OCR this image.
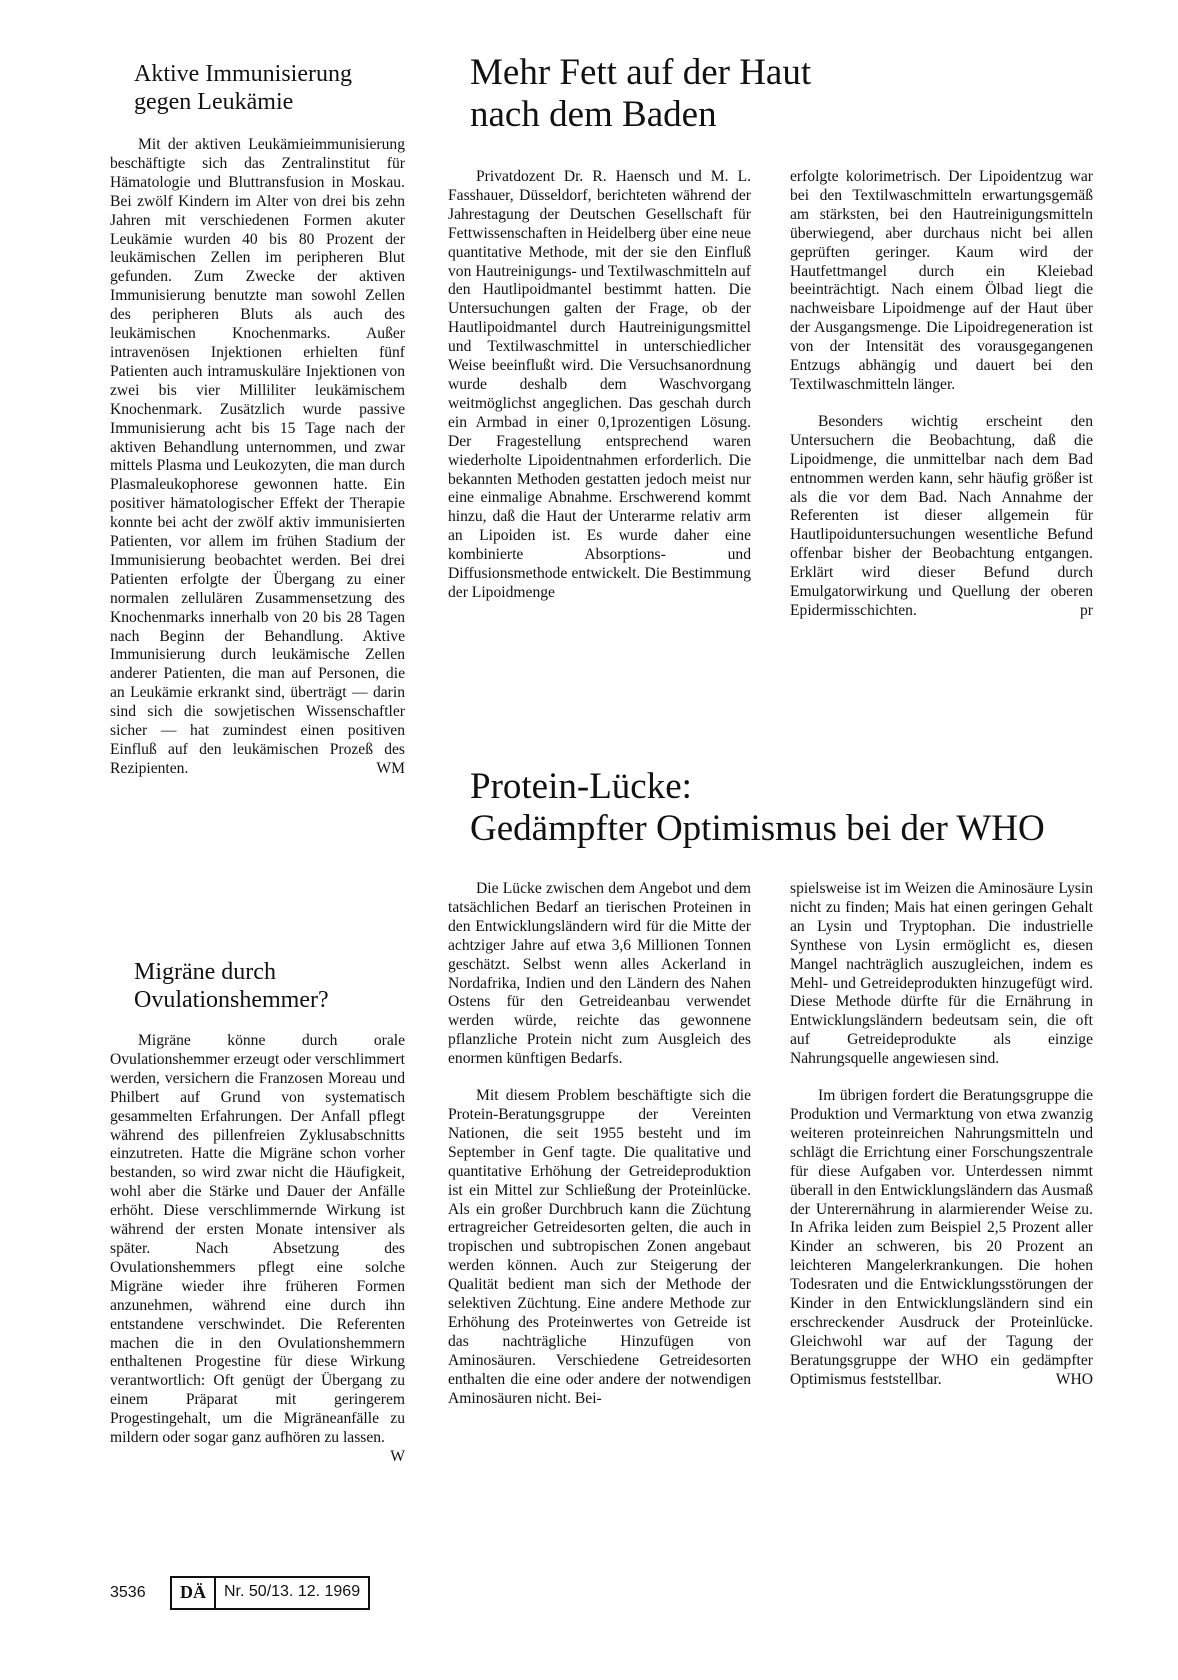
Aktive Immunisierung
gegen Leukämie

Mit der aktiven Leukämieimmunisierung beschäftigte sich das Zentralinstitut für Hämatologie und Bluttransfusion in Moskau. Bei zwölf Kindern im Alter von drei bis zehn Jahren mit verschiedenen Formen akuter Leukämie wurden 40 bis 80 Prozent der leukämischen Zellen im peripheren Blut gefunden. Zum Zwecke der aktiven Immunisierung benutzte man sowohl Zellen des peripheren Bluts als auch des leukämischen Knochenmarks. Außer intravenösen Injektionen erhielten fünf Patienten auch intramuskuläre Injektionen von zwei bis vier Milliliter leukämischem Knochenmark. Zusätzlich wurde passive Immunisierung acht bis 15 Tage nach der aktiven Behandlung unternommen, und zwar mittels Plasma und Leukozyten, die man durch Plasmaleukophorese gewonnen hatte. Ein positiver hämatologischer Effekt der Therapie konnte bei acht der zwölf aktiv immunisierten Patienten, vor allem im frühen Stadium der Immunisierung beobachtet werden. Bei drei Patienten erfolgte der Übergang zu einer normalen zellulären Zusammensetzung des Knochenmarks innerhalb von 20 bis 28 Tagen nach Beginn der Behandlung. Aktive Immunisierung durch leukämische Zellen anderer Patienten, die man auf Personen, die an Leukämie erkrankt sind, überträgt — darin sind sich die sowjetischen Wissenschaftler sicher — hat zumindest einen positiven Einfluß auf den leukämischen Prozeß des Rezipienten.	WM

Migräne durch
Ovulationshemmer?

Migräne könne durch orale Ovulationshemmer erzeugt oder verschlimmert werden, versichern die Franzosen Moreau und Philbert auf Grund von systematisch gesammelten Erfahrungen. Der Anfall pflegt während des pillenfreien Zyklusabschnitts einzutreten. Hatte die Migräne schon vorher bestanden, so wird zwar nicht die Häufigkeit, wohl aber die Stärke und Dauer der Anfälle erhöht. Diese verschlimmernde Wirkung ist während der ersten Monate intensiver als später. Nach Absetzung des Ovulationshemmers pflegt eine solche Migräne wieder ihre früheren Formen anzunehmen, während eine durch ihn entstandene verschwindet. Die Referenten machen die in den Ovulationshemmern enthaltenen Progestine für diese Wirkung verantwortlich: Oft genügt der Übergang zu einem Präparat mit geringerem Progestingehalt, um die Migräneanfälle zu mildern oder sogar ganz aufhören zu lassen.
W

Mehr Fett auf der Haut
nach dem Baden

Privatdozent Dr. R. Haensch und M. L. Fasshauer, Düsseldorf, berichteten während der Jahrestagung der Deutschen Gesellschaft für Fettwissenschaften in Heidelberg über eine neue quantitative Methode, mit der sie den Einfluß von Hautreinigungs- und Textilwaschmitteln auf den Hautlipoidmantel bestimmt hatten. Die Untersuchungen galten der Frage, ob der Hautlipoidmantel durch Hautreinigungsmittel und Textilwaschmittel in unterschiedlicher Weise beeinflußt wird. Die Versuchsanordnung wurde deshalb dem Waschvorgang weitmöglichst angeglichen. Das geschah durch ein Armbad in einer 0,1prozentigen Lösung. Der Fragestellung entsprechend waren wiederholte Lipoidentnahmen erforderlich. Die bekannten Methoden gestatten jedoch meist nur eine einmalige Abnahme. Erschwerend kommt hinzu, daß die Haut der Unterarme relativ arm an Lipoiden ist. Es wurde daher eine kombinierte Absorptions- und Diffusionsmethode entwickelt. Die Bestimmung der Lipoidmenge

erfolgte kolorimetrisch. Der Lipoidentzug war bei den Textilwaschmitteln erwartungsgemäß am stärksten, bei den Hautreinigungsmitteln überwiegend, aber durchaus nicht bei allen geprüften geringer. Kaum wird der Hautfettmangel durch ein Kleiebad beeinträchtigt. Nach einem Ölbad liegt die nachweisbare Lipoidmenge auf der Haut über der Ausgangsmenge. Die Lipoidregeneration ist von der Intensität des vorausgegangenen Entzugs abhängig und dauert bei den Textilwaschmitteln länger.

Besonders wichtig erscheint den Untersuchern die Beobachtung, daß die Lipoidmenge, die unmittelbar nach dem Bad entnommen werden kann, sehr häufig größer ist als die vor dem Bad. Nach Annahme der Referenten ist dieser allgemein für Hautlipoiduntersuchungen wesentliche Befund offenbar bisher der Beobachtung entgangen. Erklärt wird dieser Befund durch Emulgatorwirkung und Quellung der oberen Epidermisschichten.	pr

Protein-Lücke:
Gedämpfter Optimismus bei der WHO

Die Lücke zwischen dem Angebot und dem tatsächlichen Bedarf an tierischen Proteinen in den Entwicklungsländern wird für die Mitte der achtziger Jahre auf etwa 3,6 Millionen Tonnen geschätzt. Selbst wenn alles Ackerland in Nordafrika, Indien und den Ländern des Nahen Ostens für den Getreideanbau verwendet werden würde, reichte das gewonnene pflanzliche Protein nicht zum Ausgleich des enormen künftigen Bedarfs.

Mit diesem Problem beschäftigte sich die Protein-Beratungsgruppe der Vereinten Nationen, die seit 1955 besteht und im September in Genf tagte. Die qualitative und quantitative Erhöhung der Getreideproduktion ist ein Mittel zur Schließung der Proteinlücke. Als ein großer Durchbruch kann die Züchtung ertragreicher Getreidesorten gelten, die auch in tropischen und subtropischen Zonen angebaut werden können. Auch zur Steigerung der Qualität bedient man sich der Methode der selektiven Züchtung. Eine andere Methode zur Erhöhung des Proteinwertes von Getreide ist das nachträgliche Hinzufügen von Aminosäuren. Verschiedene Getreidesorten enthalten die eine oder andere der notwendigen Aminosäuren nicht. Bei-

spielsweise ist im Weizen die Aminosäure Lysin nicht zu finden; Mais hat einen geringen Gehalt an Lysin und Tryptophan. Die industrielle Synthese von Lysin ermöglicht es, diesen Mangel nachträglich auszugleichen, indem es Mehl- und Getreideprodukten hinzugefügt wird. Diese Methode dürfte für die Ernährung in Entwicklungsländern bedeutsam sein, die oft auf Getreideprodukte als einzige Nahrungsquelle angewiesen sind.

Im übrigen fordert die Beratungsgruppe die Produktion und Vermarktung von etwa zwanzig weiteren proteinreichen Nahrungsmitteln und schlägt die Errichtung einer Forschungszentrale für diese Aufgaben vor. Unterdessen nimmt überall in den Entwicklungsländern das Ausmaß der Unterernährung in alarmierender Weise zu. In Afrika leiden zum Beispiel 2,5 Prozent aller Kinder an schweren, bis 20 Prozent an leichteren Mangelerkrankungen. Die hohen Todesraten und die Entwicklungsstörungen der Kinder in den Entwicklungsländern sind ein erschreckender Ausdruck der Proteinlücke. Gleichwohl war auf der Tagung der Beratungsgruppe der WHO ein gedämpfter Optimismus feststellbar.	WHO

3536	DÄ	Nr. 50/13. 12. 1969
